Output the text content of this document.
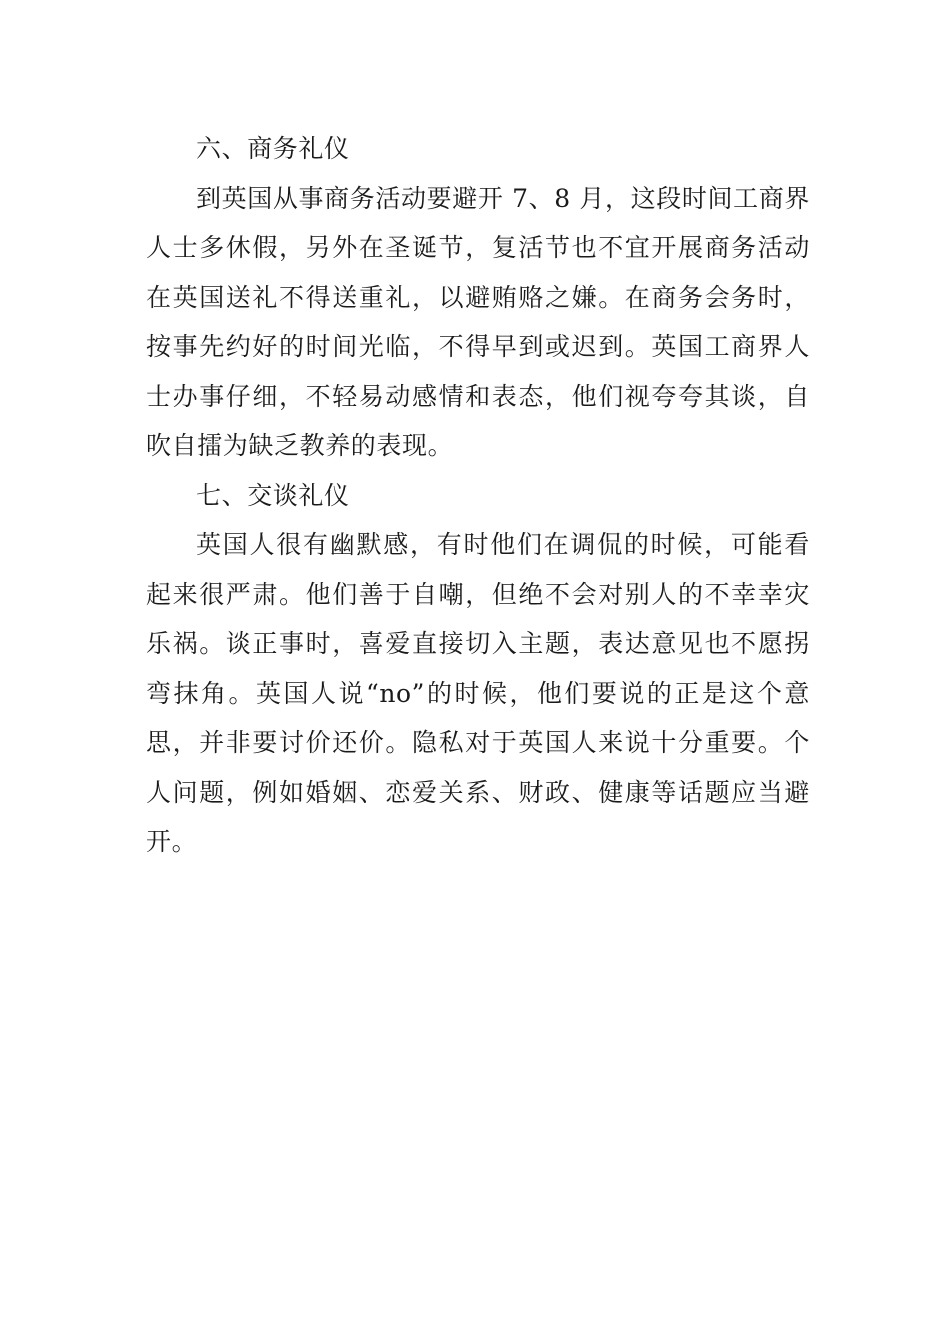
六、商务礼仪
到英国从事商务活动要避开 7、8 月，这段时间工商界
人士多休假，另外在圣诞节，复活节也不宜开展商务活动
在英国送礼不得送重礼，以避贿赂之嫌。在商务会务时，
按事先约好的时间光临，不得早到或迟到。英国工商界人
士办事仔细，不轻易动感情和表态，他们视夸夸其谈，自
吹自擂为缺乏教养的表现。
七、交谈礼仪
英国人很有幽默感，有时他们在调侃的时候，可能看
起来很严肃。他们善于自嘲，但绝不会对别人的不幸幸灾
乐祸。谈正事时，喜爱直接切入主题，表达意见也不愿拐
弯抹角。英国人说“no”的时候，他们要说的正是这个意
思，并非要讨价还价。隐私对于英国人来说十分重要。个
人问题，例如婚姻、恋爱关系、财政、健康等话题应当避
开。
